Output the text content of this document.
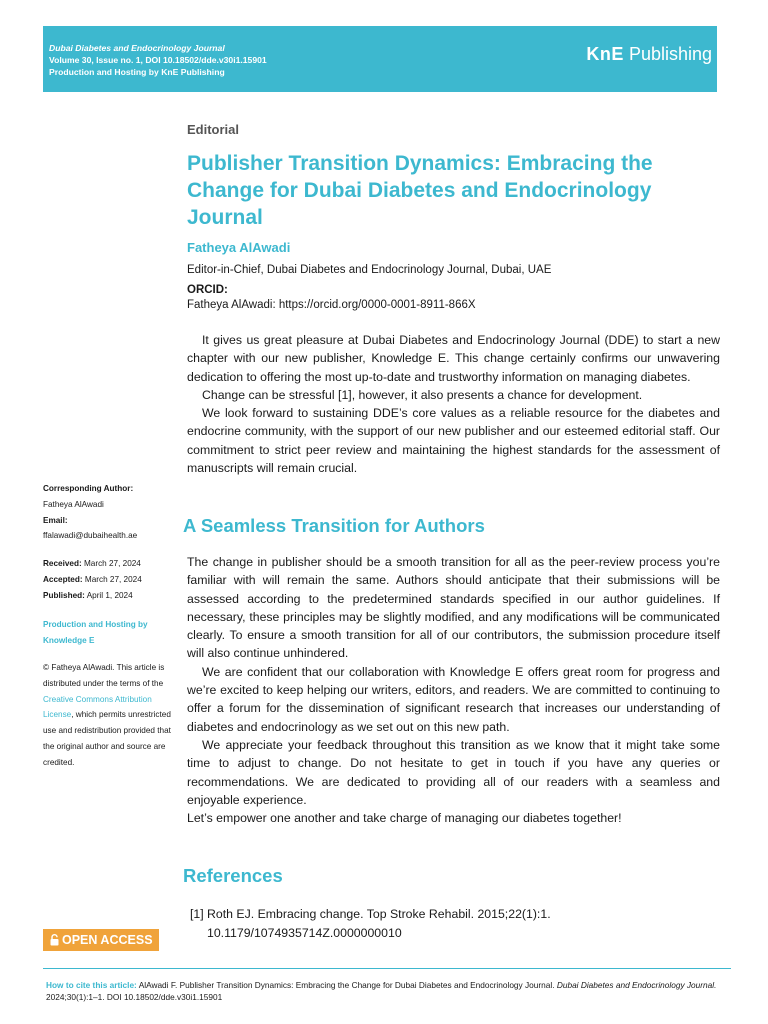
Dubai Diabetes and Endocrinology Journal
Volume 30, Issue no. 1, DOI 10.18502/dde.v30i1.15901
Production and Hosting by KnE Publishing
KnE Publishing
Editorial
Publisher Transition Dynamics: Embracing the Change for Dubai Diabetes and Endocrinology Journal
Fatheya AlAwadi
Editor-in-Chief, Dubai Diabetes and Endocrinology Journal, Dubai, UAE
ORCID:
Fatheya AlAwadi: https://orcid.org/0000-0001-8911-866X

It gives us great pleasure at Dubai Diabetes and Endocrinology Journal (DDE) to start a new chapter with our new publisher, Knowledge E. This change certainly confirms our unwavering dedication to offering the most up-to-date and trustworthy information on managing diabetes.

Change can be stressful [1], however, it also presents a chance for development.

We look forward to sustaining DDE’s core values as a reliable resource for the diabetes and endocrine community, with the support of our new publisher and our esteemed editorial staff. Our commitment to strict peer review and maintaining the highest standards for the assessment of manuscripts will remain crucial.

A Seamless Transition for Authors

The change in publisher should be a smooth transition for all as the peer-review process you’re familiar with will remain the same. Authors should anticipate that their submissions will be assessed according to the predetermined standards specified in our author guidelines. If necessary, these principles may be slightly modified, and any modifications will be communicated clearly. To ensure a smooth transition for all of our contributors, the submission procedure itself will also continue unhindered.

We are confident that our collaboration with Knowledge E offers great room for progress and we’re excited to keep helping our writers, editors, and readers. We are committed to continuing to offer a forum for the dissemination of significant research that increases our understanding of diabetes and endocrinology as we set out on this new path.

We appreciate your feedback throughout this transition as we know that it might take some time to adjust to change. Do not hesitate to get in touch if you have any queries or recommendations. We are dedicated to providing all of our readers with a seamless and enjoyable experience.

Let’s empower one another and take charge of managing our diabetes together!

References
[1] Roth EJ. Embracing change. Top Stroke Rehabil. 2015;22(1):1. 10.1179/1074935714Z.0000000010
Corresponding Author:
Fatheya AlAwadi
Email:
ffalawadi@dubaihealth.ae
Received: March 27, 2024
Accepted: March 27, 2024
Published: April 1, 2024
Production and Hosting by Knowledge E
© Fatheya AlAwadi. This article is distributed under the terms of the Creative Commons Attribution License, which permits unrestricted use and redistribution provided that the original author and source are credited.
OPEN ACCESS
How to cite this article: AlAwadi F. Publisher Transition Dynamics: Embracing the Change for Dubai Diabetes and Endocrinology Journal. Dubai Diabetes and Endocrinology Journal. 2024;30(1):1–1. DOI 10.18502/dde.v30i1.15901
